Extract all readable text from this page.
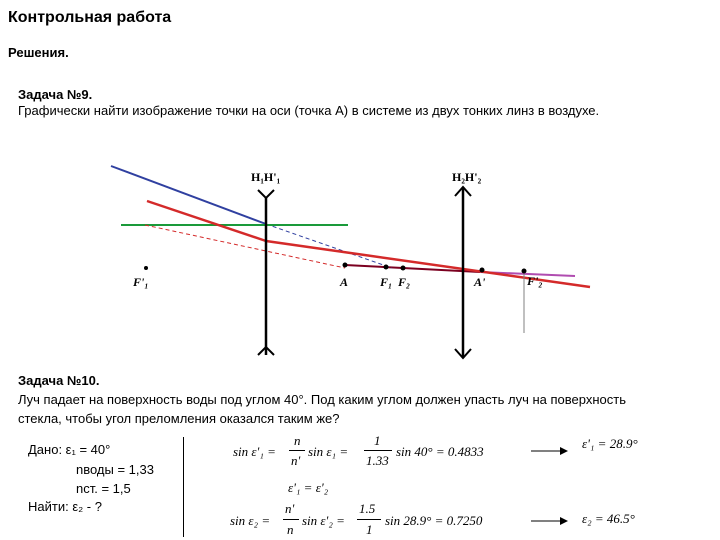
Контрольная работа
Решения.
Задача №9.
Графически найти изображение точки на оси (точка А) в системе из двух тонких линз в воздухе.
H₁H'₁	H₂H'₂
F'₁	A	F₁ F₂	A'	F'₂
Задача №10.
Луч падает на поверхность воды под углом 40°. Под каким углом должен упасть луч на поверхность стекла, чтобы угол преломления оказался таким же?
Дано: ε₁ = 40°
nводы = 1,33
nст. = 1,5
Найти: ε₂ - ?
sin ε'₁ =
n
n'
sin ε₁ =
1
1.33
sin 40° = 0.4833
ε'₁ = 28.9°
ε'₁ = ε'₂
sin ε₂ =
n'
n
sin ε'₂ =
1.5
1
sin 28.9° = 0.7250	ε₂ = 46.5°
